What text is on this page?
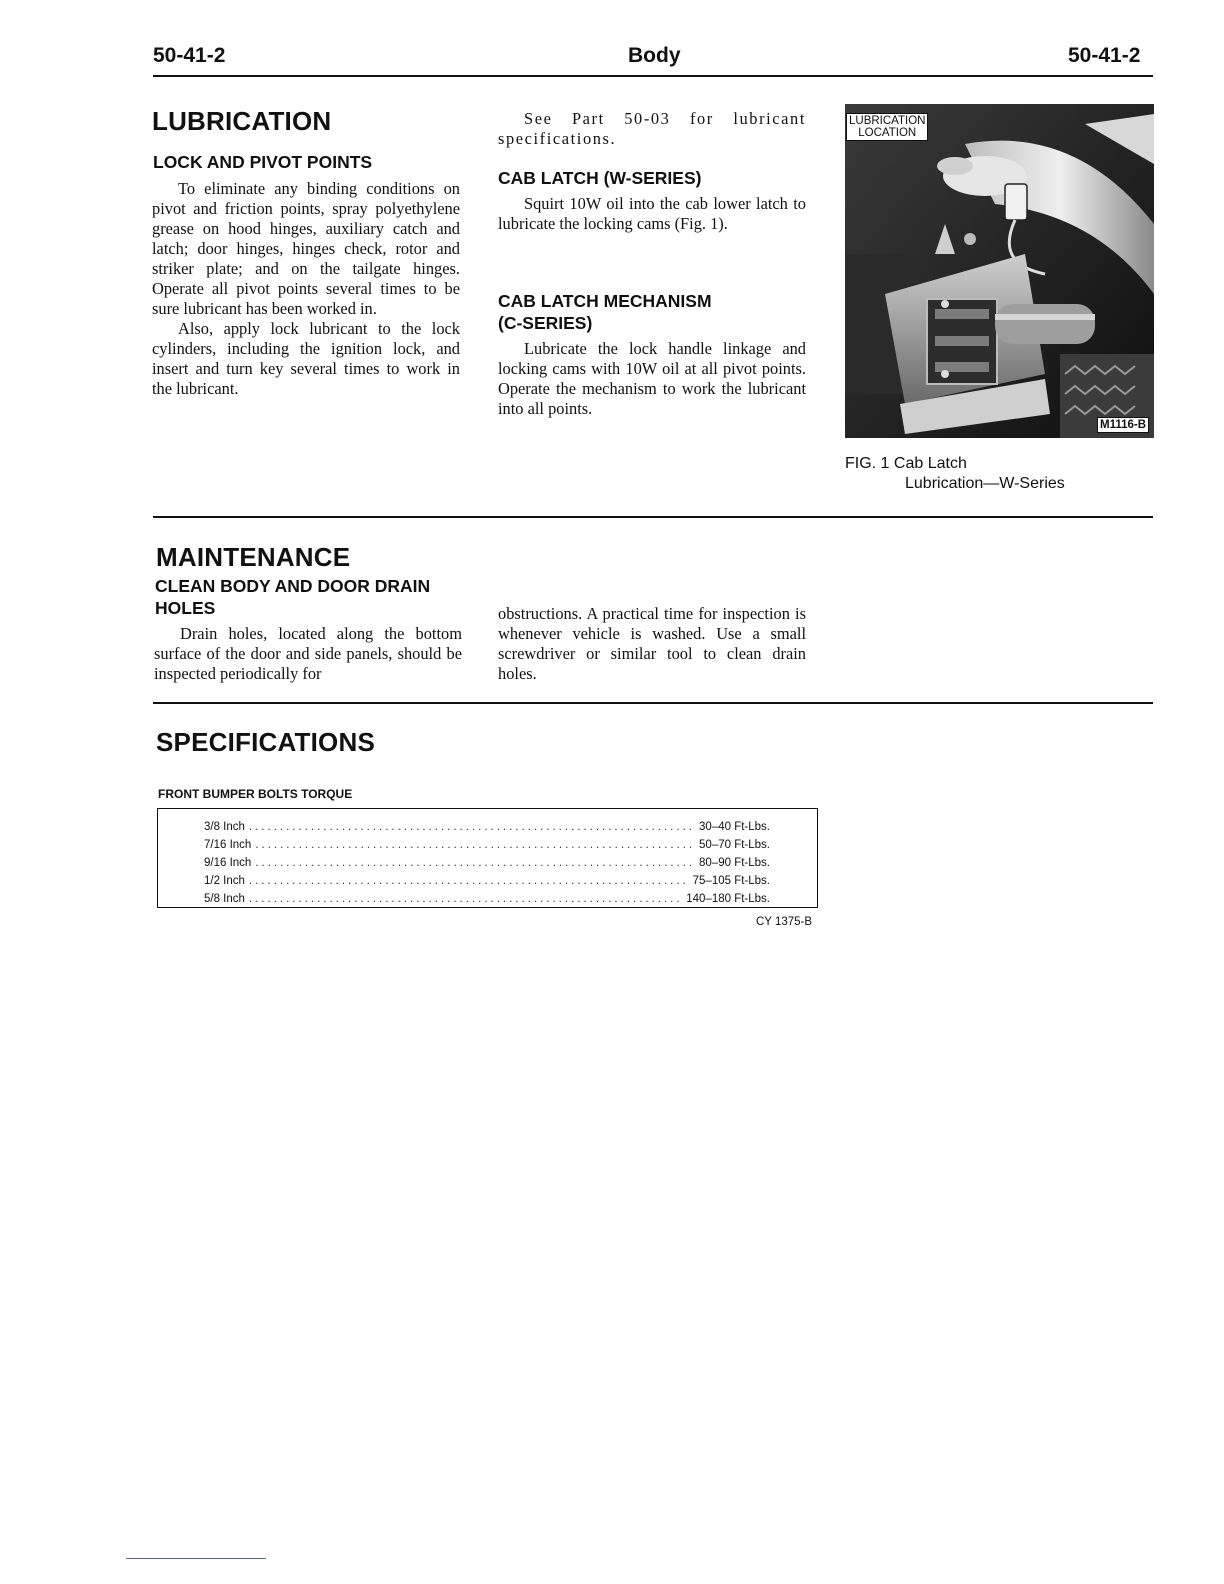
50-41-2	Body	50-41-2
LUBRICATION
LOCK AND PIVOT POINTS

To eliminate any binding conditions on pivot and friction points, spray polyethylene grease on hood hinges, auxiliary catch and latch; door hinges, hinges check, rotor and striker plate; and on the tailgate hinges. Operate all pivot points several times to be sure lubricant has been worked in.

Also, apply lock lubricant to the lock cylinders, including the ignition lock, and insert and turn key several times to work in the lubricant.

See Part 50-03 for lubricant specifications.

CAB LATCH (W-SERIES)

Squirt 10W oil into the cab lower latch to lubricate the locking cams (Fig. 1).

CAB LATCH MECHANISM
(C-SERIES)

Lubricate the lock handle linkage and locking cams with 10W oil at all pivot points. Operate the mechanism to work the lubricant into all points.

LUBRICATION
LOCATION
M1116-B
FIG. 1 Cab Latch
Lubrication—W-Series
MAINTENANCE
CLEAN BODY AND DOOR DRAIN
HOLES

Drain holes, located along the bottom surface of the door and side panels, should be inspected periodically for

obstructions. A practical time for inspection is whenever vehicle is washed. Use a small screwdriver or similar tool to clean drain holes.

SPECIFICATIONS
FRONT BUMPER BOLTS TORQUE
3/8 Inch .....	30–40 Ft-Lbs.
7/16 Inch .....	50–70 Ft-Lbs.
9/16 Inch .....	80–90 Ft-Lbs.
1/2 Inch .....	75–105 Ft-Lbs.
5/8 Inch .....	140–180 Ft-Lbs.
CY 1375-B
